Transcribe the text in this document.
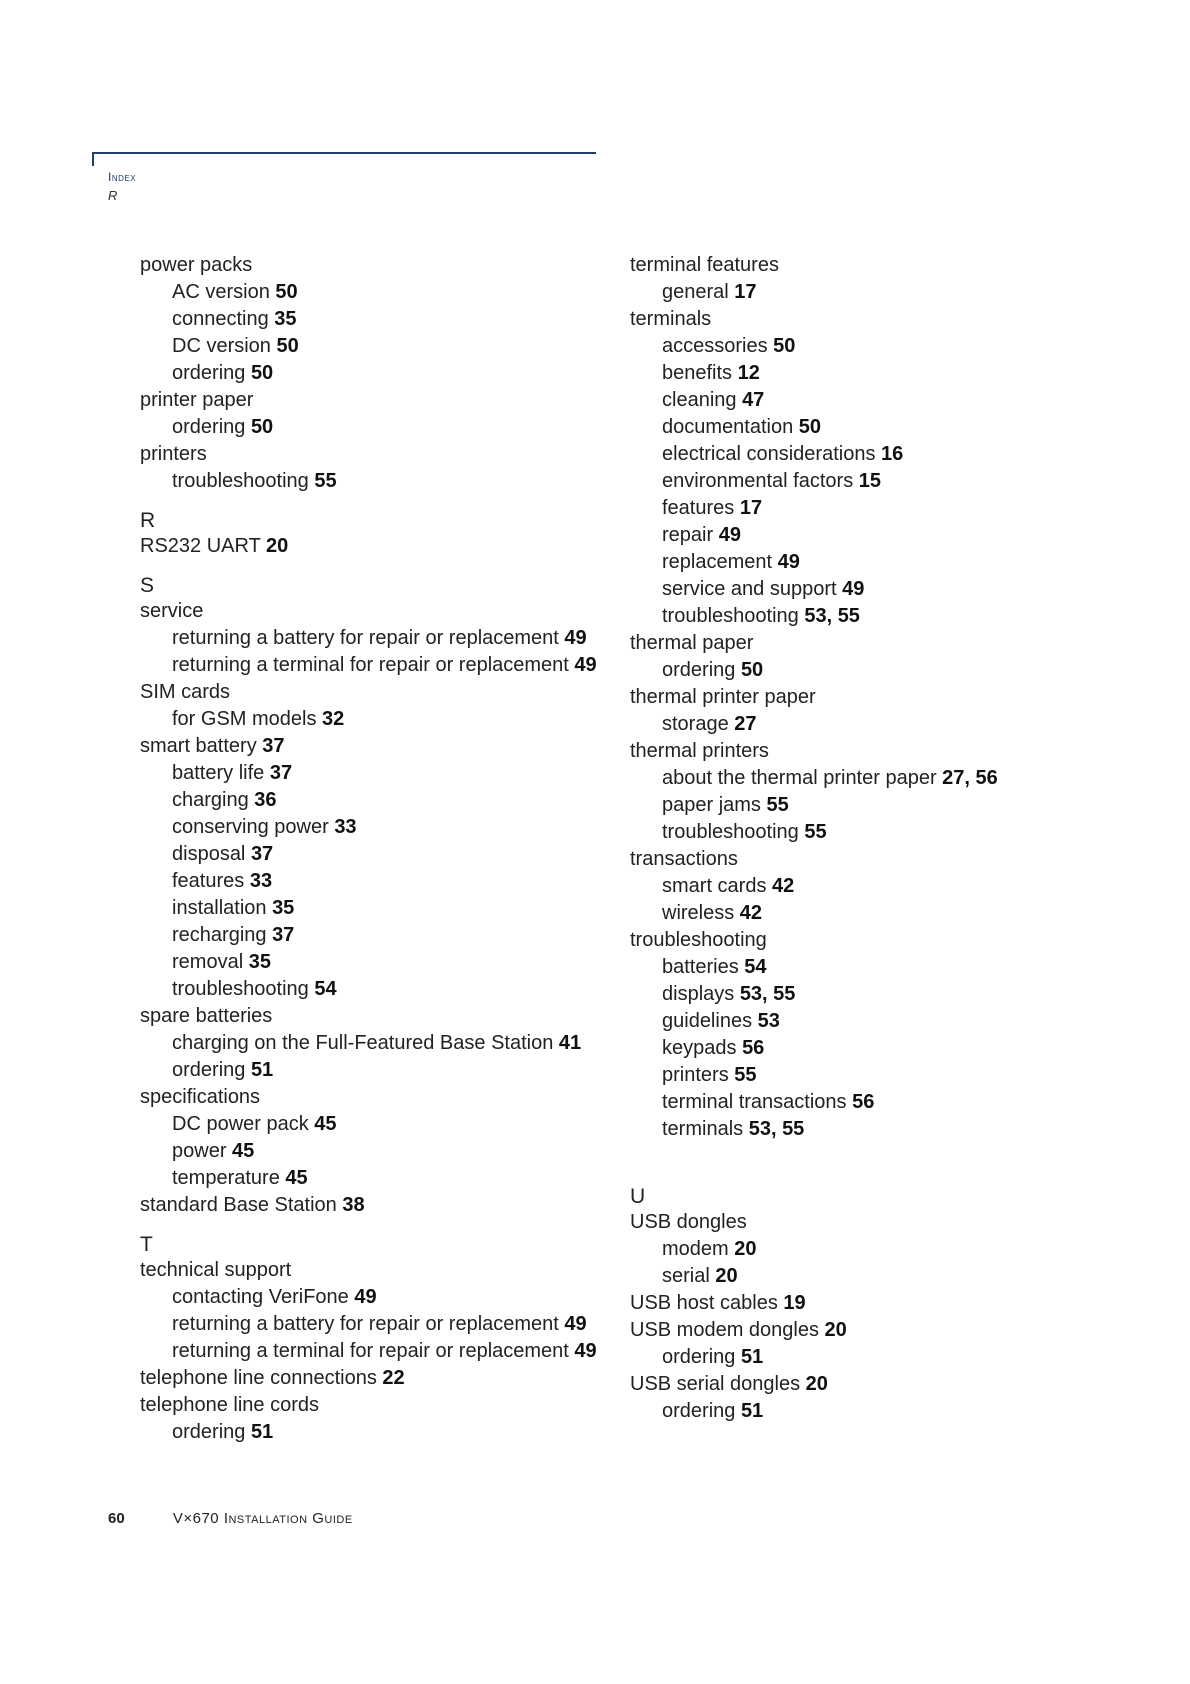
Index
R
power packs
AC version 50
connecting 35
DC version 50
ordering 50
printer paper
ordering 50
printers
troubleshooting 55
R
RS232 UART 20
S
service
returning a battery for repair or replacement 49
returning a terminal for repair or replacement 49
SIM cards
for GSM models 32
smart battery 37
battery life 37
charging 36
conserving power 33
disposal 37
features 33
installation 35
recharging 37
removal 35
troubleshooting 54
spare batteries
charging on the Full-Featured Base Station 41
ordering 51
specifications
DC power pack 45
power 45
temperature 45
standard Base Station 38
T
technical support
contacting VeriFone 49
returning a battery for repair or replacement 49
returning a terminal for repair or replacement 49
telephone line connections 22
telephone line cords
ordering 51
terminal features
general 17
terminals
accessories 50
benefits 12
cleaning 47
documentation 50
electrical considerations 16
environmental factors 15
features 17
repair 49
replacement 49
service and support 49
troubleshooting 53, 55
thermal paper
ordering 50
thermal printer paper
storage 27
thermal printers
about the thermal printer paper 27, 56
paper jams 55
troubleshooting 55
transactions
smart cards 42
wireless 42
troubleshooting
batteries 54
displays 53, 55
guidelines 53
keypads 56
printers 55
terminal transactions 56
terminals 53, 55
U
USB dongles
modem 20
serial 20
USB host cables 19
USB modem dongles 20
ordering 51
USB serial dongles 20
ordering 51
60	V×670 Installation Guide
